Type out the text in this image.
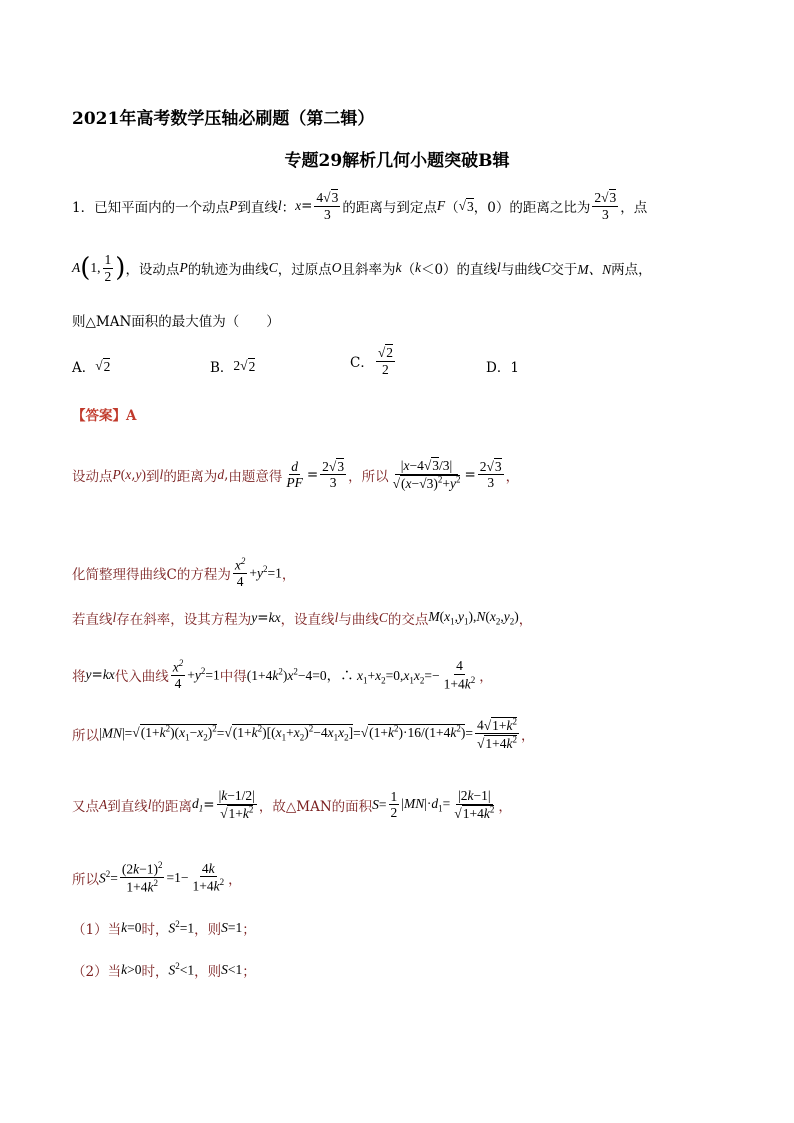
2021年高考数学压轴必刷题（第二辑）
专题29解析几何小题突破B辑
1．已知平面内的一个动点 P 到直线 l ： $x = \frac{4√ 3}{3}$ 的距离与到定点 F （
√ 3 ，0） 的距离之比为 $\frac{2√ 3}{3}$ ，点
A ( 1, $\frac{1}{2}$ ) ，设动点 P 的轨迹为曲线 C ，过原点 O 且斜率为 k （ k ＜0） 的直线 l 与曲线 C 交于 M、N 两点，
则△MAN面积的最大值为（　　）
A．
√ 2	B． 2
√ 2	C．
√ $\frac{2}{2}$	D．1
【答案】A
设动点 P ( x , y ) 到 l 的距离为 d , 由题意得 $\frac{d}{PF} = \frac{2√ 3}{3}$ ，所以 |x−4√ 3/3|
√ (x−√ $3)^2+y^2 = \frac{2√ 3}{3}$ ，
化简整理得曲线C的方程为 $\frac{x^2}{4} +y^2=1$ ，
若直线 l 存在斜率，设其方程为 y = kx ，设直线 l 与曲线 C 的交点 $M(x_1,y_1),N(x_2,y_2)$ ，
将 y = kx 代入曲线 $\frac{x^2}{4} +y^2=1$ 中得 $(1+4k^2)x^2-4=0$，∴ $x_1+x_2=0,x_1x_2=- \frac{4}{1+4k^2}$ ，
所以 |MN|=√ $(1+k^2)(x_1-x_2)^2=√$ $(1+k^2)[(x_1+x_2)^2-4x_1x_2]=√$ $(1+k^2)\cdot 16/(1+4k^2)= 4√$ $1+k^2$
√ $1+4k^2$ ，
又点 A 到直线 l 的距离 $d_1 = |k-1/2|$
√ $1+k^2$ ，故△MAN的面积 $S= \frac{1}{2} |MN|\cdot d_1= |2k-1|$
√ $1+4k^2$ ，
所以 $S^2= \frac{(2k-1)^2}{1+4k^2} =1- \frac{4k}{1+4k^2}$ ，
（1）当 k=0 时， $S^2=1$ ，则 S=1 ；
（2）当 k>0 时， $S^2<1$ ，则 S<1 ；
